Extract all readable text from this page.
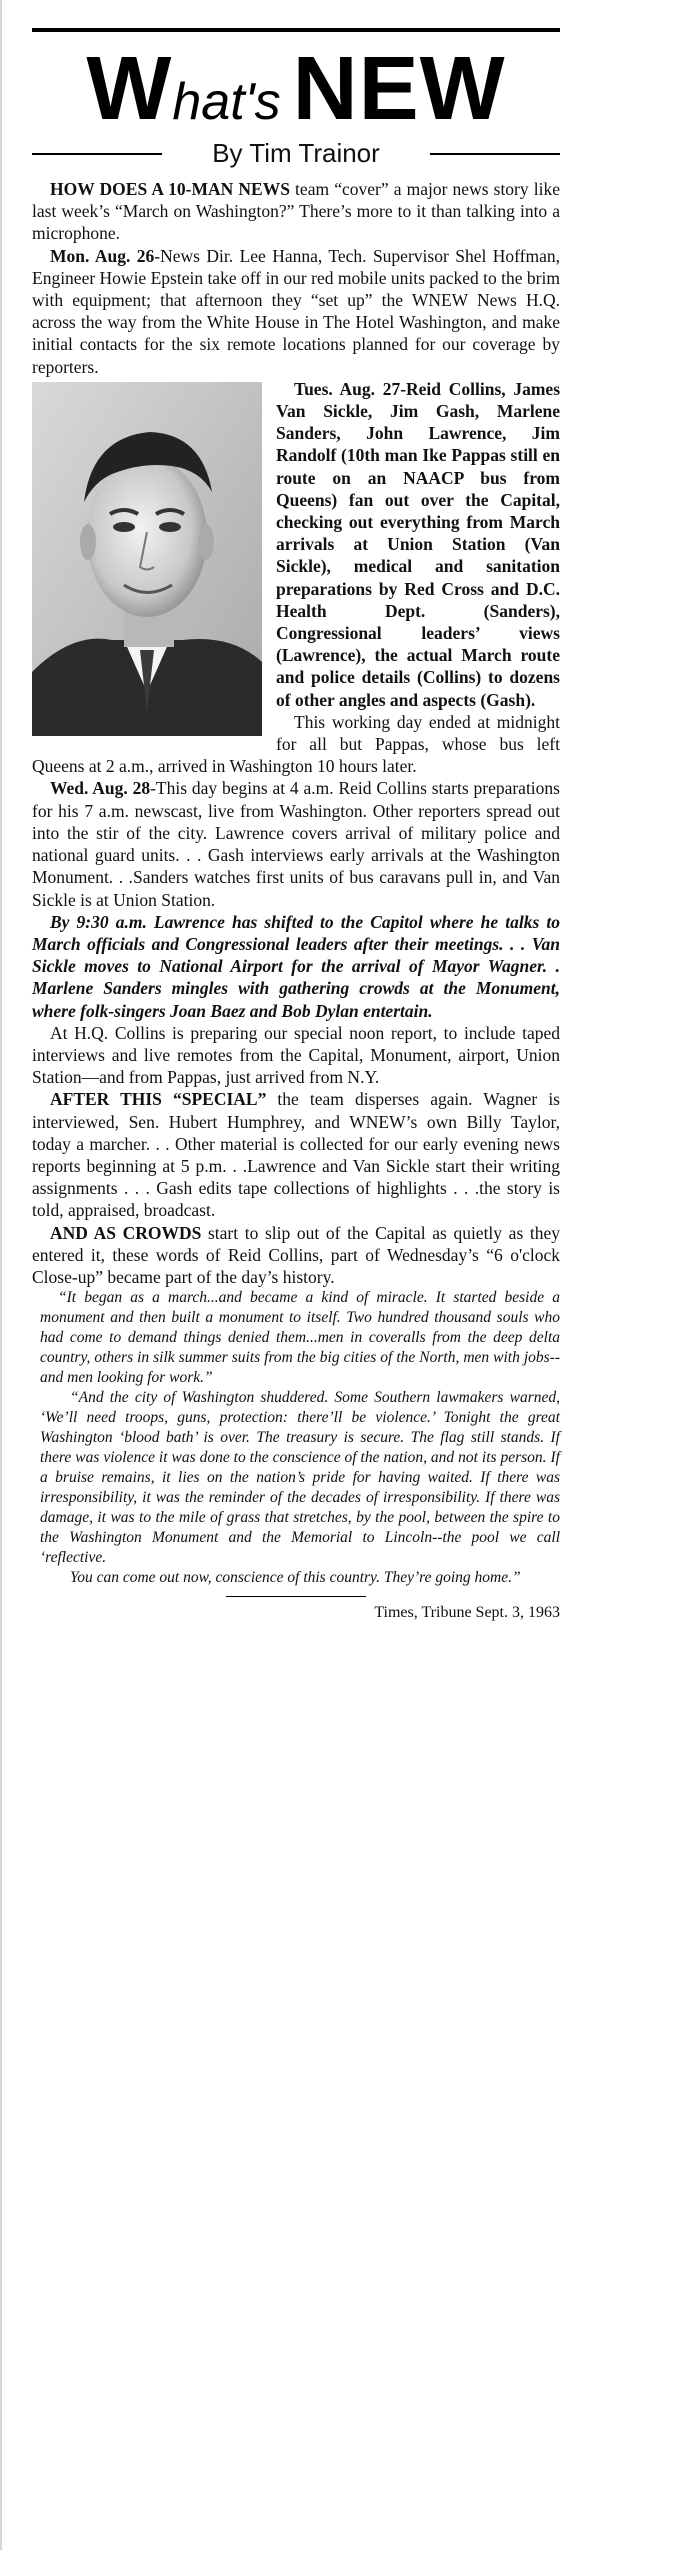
What's NEW
By Tim Trainor

HOW DOES A 10-MAN NEWS team “cover” a major news story like last week’s “March on Washington?” There’s more to it than talking into a microphone.

Mon. Aug. 26-News Dir. Lee Hanna, Tech. Supervisor Shel Hoffman, Engineer Howie Epstein take off in our red mobile units packed to the brim with equipment; that afternoon they “set up” the WNEW News H.Q. across the way from the White House in The Hotel Washington, and make initial contacts for the six remote locations planned for our coverage by reporters.

Tues. Aug. 27-Reid Collins, James Van Sickle, Jim Gash, Marlene Sanders, John Lawrence, Jim Randolf (10th man Ike Pappas still en route on an NAACP bus from Queens) fan out over the Capital, checking out everything from March arrivals at Union Station (Van Sickle), medical and sanitation preparations by Red Cross and D.C. Health Dept. (Sanders), Congressional leaders’ views (Lawrence), the actual March route and police details (Collins) to dozens of other angles and aspects (Gash).

This working day ended at midnight for all but Pappas, whose bus left Queens at 2 a.m., arrived in Washington 10 hours later.

Wed. Aug. 28-This day begins at 4 a.m. Reid Collins starts preparations for his 7 a.m. newscast, live from Washington. Other reporters spread out into the stir of the city. Lawrence covers arrival of military police and national guard units. . . Gash interviews early arrivals at the Washington Monument. . .Sanders watches first units of bus caravans pull in, and Van Sickle is at Union Station.

By 9:30 a.m. Lawrence has shifted to the Capitol where he talks to March officials and Congressional leaders after their meetings. . . Van Sickle moves to National Airport for the arrival of Mayor Wagner. . Marlene Sanders mingles with gathering crowds at the Monument, where folk-singers Joan Baez and Bob Dylan entertain.

At H.Q. Collins is preparing our special noon report, to include taped interviews and live remotes from the Capital, Monument, airport, Union Station—and from Pappas, just arrived from N.Y.

AFTER THIS “SPECIAL” the team disperses again. Wagner is interviewed, Sen. Hubert Humphrey, and WNEW’s own Billy Taylor, today a marcher. . . Other material is collected for our early evening news reports beginning at 5 p.m. . .Lawrence and Van Sickle start their writing assignments . . . Gash edits tape collections of highlights . . .the story is told, appraised, broadcast.

AND AS CROWDS start to slip out of the Capital as quietly as they entered it, these words of Reid Collins, part of Wednesday’s “6 o'clock Close-up” became part of the day’s history.

“It began as a march...and became a kind of miracle. It started beside a monument and then built a monument to itself. Two hundred thousand souls who had come to demand things denied them...men in coveralls from the deep delta country, others in silk summer suits from the big cities of the North, men with jobs--and men looking for work.”

“And the city of Washington shuddered. Some Southern lawmakers warned, ‘We’ll need troops, guns, protection: there’ll be violence.’ Tonight the great Washington ‘blood bath’ is over. The treasury is secure. The flag still stands. If there was violence it was done to the conscience of the nation, and not its person. If a bruise remains, it lies on the nation’s pride for having waited. If there was irresponsibility, it was the reminder of the decades of irresponsibility. If there was damage, it was to the mile of grass that stretches, by the pool, between the spire to the Washington Monument and the Memorial to Lincoln--the pool we call ‘reflective.

You can come out now, conscience of this country. They’re going home.”

Times, Tribune Sept. 3, 1963
